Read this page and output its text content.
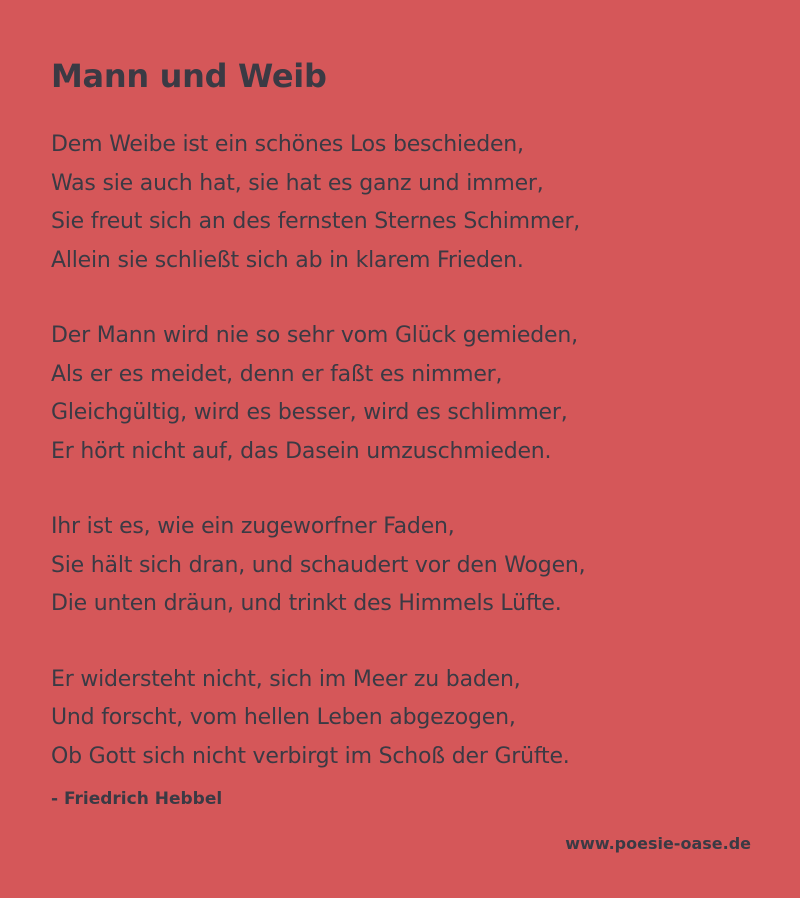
Mann und Weib

Dem Weibe ist ein schönes Los beschieden,
Was sie auch hat, sie hat es ganz und immer,
Sie freut sich an des fernsten Sternes Schimmer,
Allein sie schließt sich ab in klarem Frieden.

Der Mann wird nie so sehr vom Glück gemieden,
Als er es meidet, denn er faßt es nimmer,
Gleichgültig, wird es besser, wird es schlimmer,
Er hört nicht auf, das Dasein umzuschmieden.

Ihr ist es, wie ein zugeworfner Faden,
Sie hält sich dran, und schaudert vor den Wogen,
Die unten dräun, und trinkt des Himmels Lüfte.

Er widersteht nicht, sich im Meer zu baden,
Und forscht, vom hellen Leben abgezogen,
Ob Gott sich nicht verbirgt im Schoß der Grüfte.

- Friedrich Hebbel
www.poesie-oase.de
